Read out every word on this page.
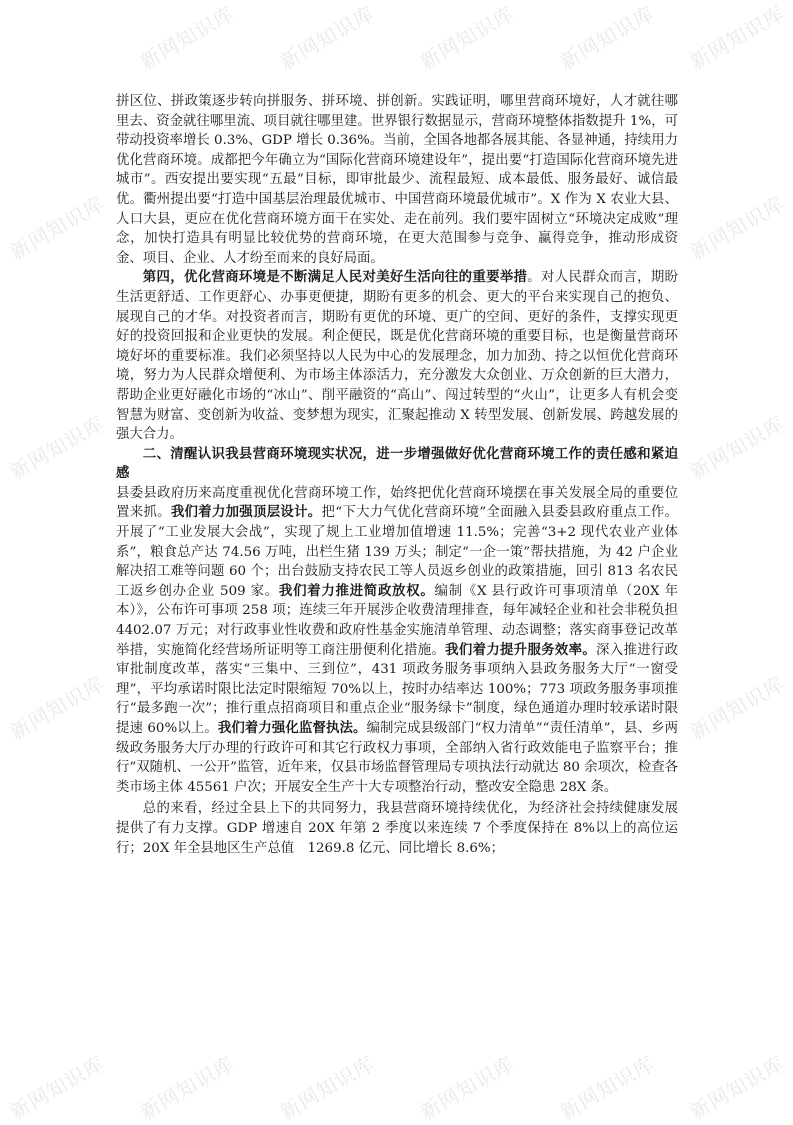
拼区位、拼政策逐步转向拼服务、拼环境、拼创新。实践证明，哪里营商环境好，人才就往哪里去、资金就往哪里流、项目就往哪里建。世界银行数据显示，营商环境整体指数提升 1%，可带动投资率增长 0.3%、GDP 增长 0.36%。当前，全国各地都各展其能、各显神通，持续用力优化营商环境。成都把今年确立为“国际化营商环境建设年”，提出要“打造国际化营商环境先进城市”。西安提出要实现“五最”目标，即审批最少、流程最短、成本最低、服务最好、诚信最优。衢州提出要“打造中国基层治理最优城市、中国营商环境最优城市”。X 作为 X 农业大县、人口大县，更应在优化营商环境方面干在实处、走在前列。我们要牢固树立“环境决定成败”理念，加快打造具有明显比较优势的营商环境，在更大范围参与竞争、赢得竞争，推动形成资金、项目、企业、人才纷至而来的良好局面。

第四，优化营商环境是不断满足人民对美好生活向往的重要举措。对人民群众而言，期盼生活更舒适、工作更舒心、办事更便捷，期盼有更多的机会、更大的平台来实现自己的抱负、展现自己的才华。对投资者而言，期盼有更优的环境、更广的空间、更好的条件，支撑实现更好的投资回报和企业更快的发展。利企便民，既是优化营商环境的重要目标，也是衡量营商环境好坏的重要标准。我们必须坚持以人民为中心的发展理念，加力加劲、持之以恒优化营商环境，努力为人民群众增便利、为市场主体添活力，充分激发大众创业、万众创新的巨大潜力，帮助企业更好融化市场的“冰山”、削平融资的“高山”、闯过转型的“火山”，让更多人有机会变智慧为财富、变创新为收益、变梦想为现实，汇聚起推动 X 转型发展、创新发展、跨越发展的强大合力。

二、清醒认识我县营商环境现实状况，进一步增强做好优化营商环境工作的责任感和紧迫感

县委县政府历来高度重视优化营商环境工作，始终把优化营商环境摆在事关发展全局的重要位置来抓。我们着力加强顶层设计。把“下大力气优化营商环境”全面融入县委县政府重点工作。开展了“工业发展大会战”，实现了规上工业增加值增速 11.5%；完善“3+2 现代农业产业体系”，粮食总产达 74.56 万吨，出栏生猪 139 万头；制定“一企一策”帮扶措施，为 42 户企业解决招工难等问题 60 个；出台鼓励支持农民工等人员返乡创业的政策措施，回引 813 名农民工返乡创办企业 509 家。我们着力推进简政放权。编制《X 县行政许可事项清单（20X 年本）》，公布许可事项 258 项；连续三年开展涉企收费清理排查，每年减轻企业和社会非税负担 4402.07 万元；对行政事业性收费和政府性基金实施清单管理、动态调整；落实商事登记改革举措，实施简化经营场所证明等工商注册便利化措施。我们着力提升服务效率。深入推进行政审批制度改革，落实“三集中、三到位”，431 项政务服务事项纳入县政务服务大厅“一窗受理”，平均承诺时限比法定时限缩短 70%以上，按时办结率达 100%；773 项政务服务事项推行“最多跑一次”；推行重点招商项目和重点企业“服务绿卡”制度，绿色通道办理时较承诺时限提速 60%以上。我们着力强化监督执法。编制完成县级部门“权力清单”“责任清单”，县、乡两级政务服务大厅办理的行政许可和其它行政权力事项，全部纳入省行政效能电子监察平台；推行“双随机、一公开”监管，近年来，仅县市场监督管理局专项执法行动就达 80 余项次，检查各类市场主体 45561 户次；开展安全生产十大专项整治行动，整改安全隐患 28X 条。

总的来看，经过全县上下的共同努力，我县营商环境持续优化，为经济社会持续健康发展提供了有力支撑。GDP 增速自 20X 年第 2 季度以来连续 7 个季度保持在 8%以上的高位运行；20X 年全县地区生产总值　1269.8 亿元、同比增长 8.6%；

新网知识库 新网知识库 新网知识库 新网知识库 新网知识库
新网知识库	新网知识库
新网知识库	新网知识库
新网知识库	新网知识库
新网知识库 新网知识库 新网知识库 新网知识库 新网知识库 新网知识库
